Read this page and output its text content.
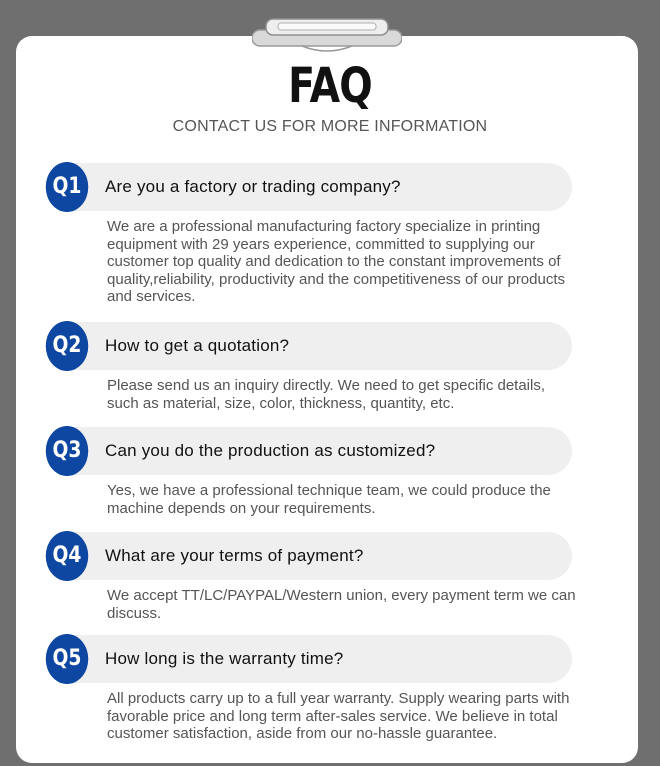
FAQ
CONTACT US FOR MORE INFORMATION
Q1	Are you a factory or trading company?
We are a professional manufacturing factory specialize in printing equipment with 29 years experience, committed to supplying our customer top quality and dedication to the constant improvements of quality,reliability, productivity and the competitiveness of our products and services.
Q2	How to get a quotation?
Please send us an inquiry directly. We need to get specific details, such as material, size, color, thickness, quantity, etc.
Q3	Can you do the production as customized?
Yes, we have a professional technique team, we could produce the machine depends on your requirements.
Q4	What are your terms of payment?
We accept TT/LC/PAYPAL/Western union, every payment term we can discuss.
Q5	How long is the warranty time?
All products carry up to a full year warranty. Supply wearing parts with favorable price and long term after-sales service. We believe in total customer satisfaction, aside from our no-hassle guarantee.
